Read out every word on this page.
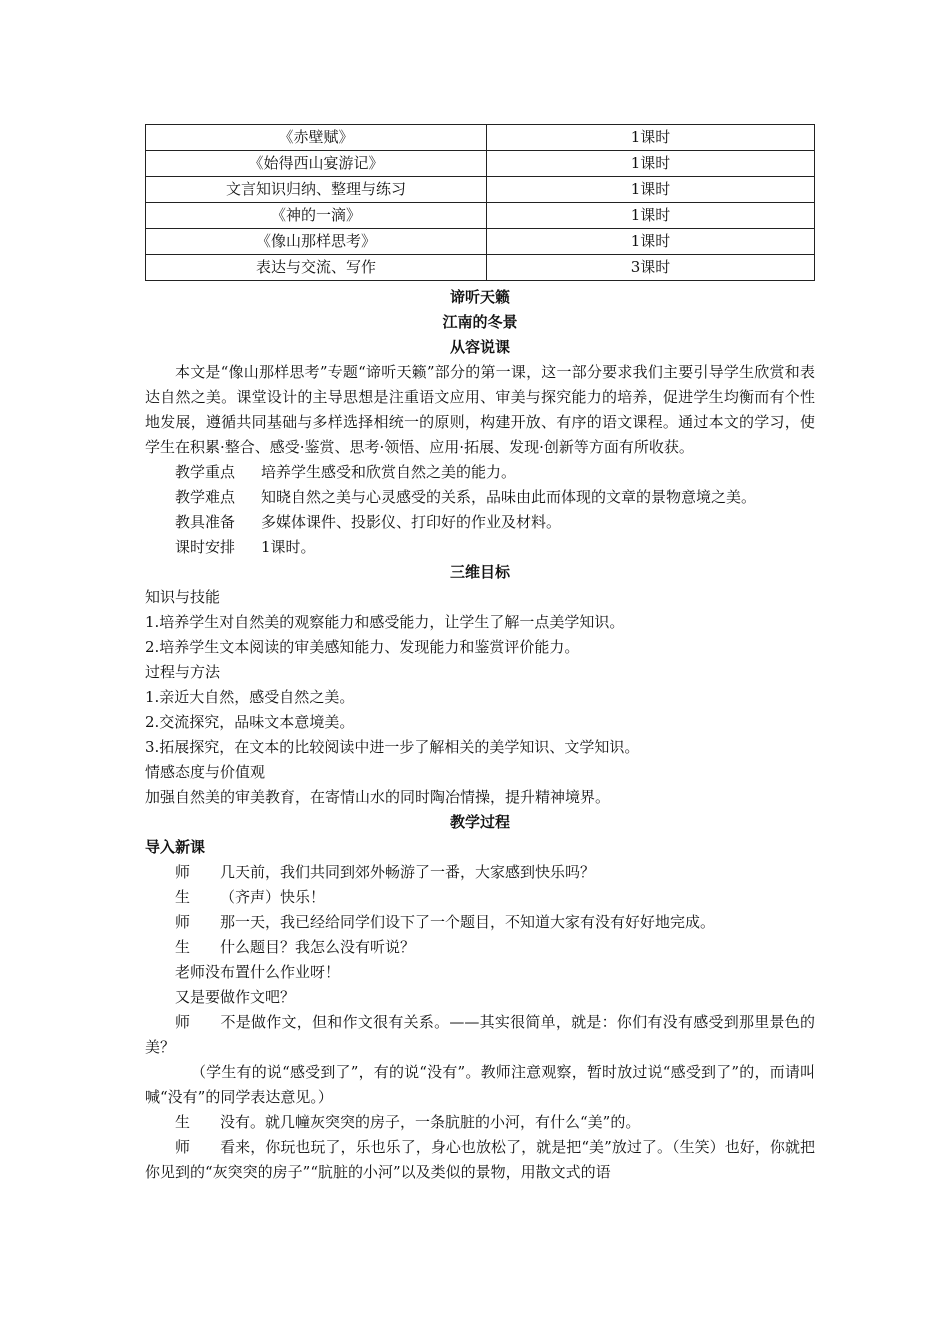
《赤壁赋》	1课时
《始得西山宴游记》	1课时
文言知识归纳、整理与练习	1课时
《神的一滴》	1课时
《像山那样思考》	1课时
表达与交流、写作	3课时
谛听天籁
江南的冬景
从容说课

本文是“像山那样思考”专题“谛听天籁”部分的第一课，这一部分要求我们主要引导学生欣赏和表达自然之美。课堂设计的主导思想是注重语文应用、审美与探究能力的培养，促进学生均衡而有个性地发展，遵循共同基础与多样选择相统一的原则，构建开放、有序的语文课程。通过本文的学习，使学生在积累·整合、感受·鉴赏、思考·领悟、应用·拓展、发现·创新等方面有所收获。

教学重点 培养学生感受和欣赏自然之美的能力。

教学难点 知晓自然之美与心灵感受的关系，品味由此而体现的文章的景物意境之美。

教具准备 多媒体课件、投影仪、打印好的作业及材料。

课时安排 1课时。

三维目标

知识与技能

1.培养学生对自然美的观察能力和感受能力，让学生了解一点美学知识。

2.培养学生文本阅读的审美感知能力、发现能力和鉴赏评价能力。

过程与方法

1.亲近大自然，感受自然之美。

2.交流探究，品味文本意境美。

3.拓展探究，在文本的比较阅读中进一步了解相关的美学知识、文学知识。

情感态度与价值观

加强自然美的审美教育，在寄情山水的同时陶冶情操，提升精神境界。

教学过程

导入新课

师 几天前，我们共同到郊外畅游了一番，大家感到快乐吗？

生 （齐声）快乐！

师 那一天，我已经给同学们设下了一个题目，不知道大家有没有好好地完成。

生 什么题目？我怎么没有听说？

老师没布置什么作业呀！

又是要做作文吧？

师 不是做作文，但和作文很有关系。——其实很简单，就是：你们有没有感受到那里景色的美？

（学生有的说“感受到了”，有的说“没有”。教师注意观察，暂时放过说“感受到了”的，而请叫喊“没有”的同学表达意见。）

生 没有。就几幢灰突突的房子，一条肮脏的小河，有什么“美”的。

师 看来，你玩也玩了，乐也乐了，身心也放松了，就是把“美”放过了。（生笑）也好，你就把你见到的“灰突突的房子”“肮脏的小河”以及类似的景物，用散文式的语
